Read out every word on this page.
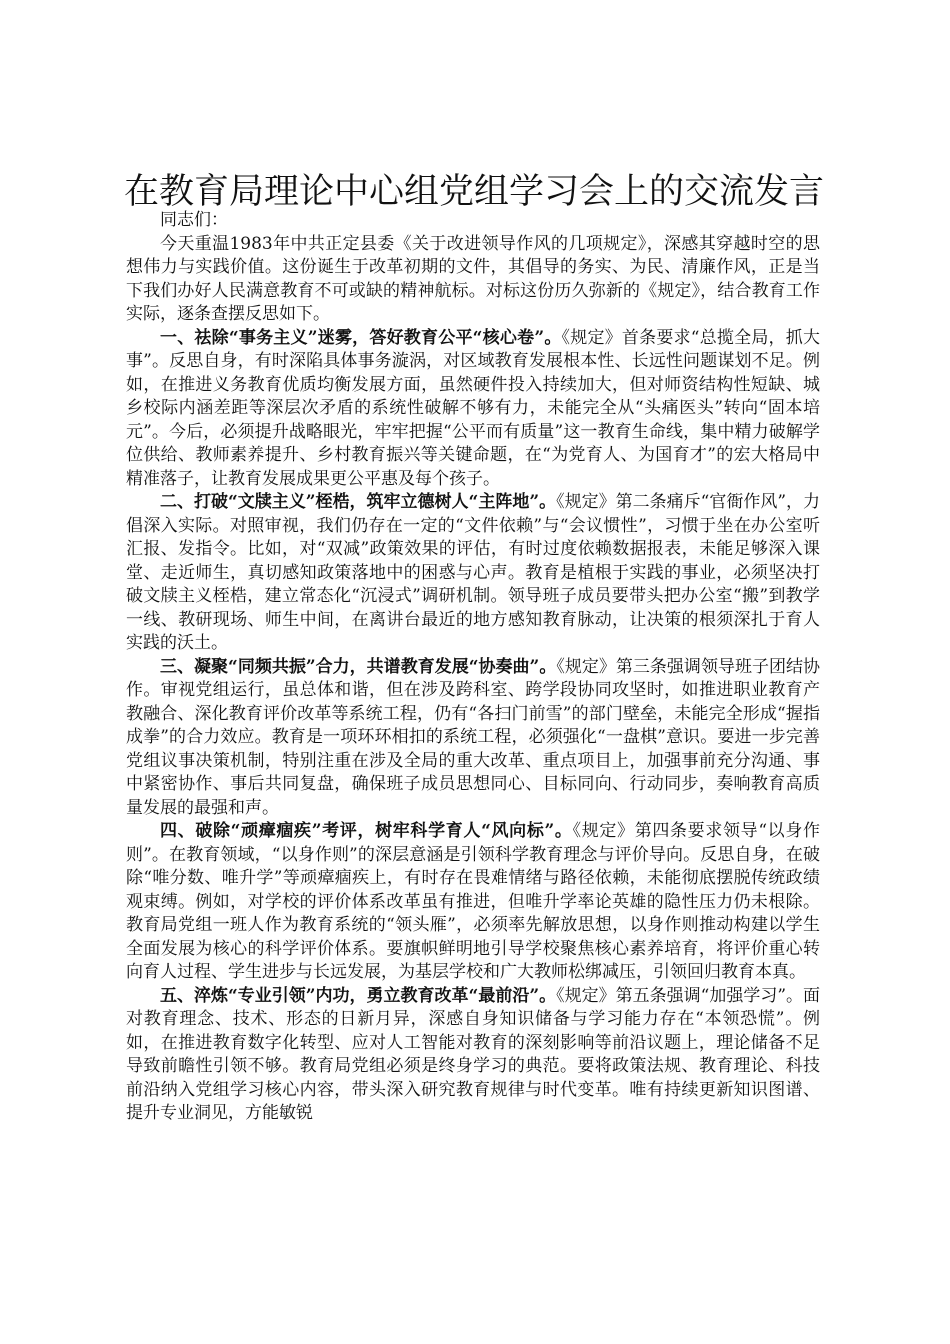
在教育局理论中心组党组学习会上的交流发言

同志们：

今天重温1983年中共正定县委《关于改进领导作风的几项规定》，深感其穿越时空的思想伟力与实践价值。这份诞生于改革初期的文件，其倡导的务实、为民、清廉作风，正是当下我们办好人民满意教育不可或缺的精神航标。对标这份历久弥新的《规定》，结合教育工作实际，逐条查摆反思如下。

一、祛除“事务主义”迷雾，答好教育公平“核心卷”。《规定》首条要求“总揽全局，抓大事”。反思自身，有时深陷具体事务漩涡，对区域教育发展根本性、长远性问题谋划不足。例如，在推进义务教育优质均衡发展方面，虽然硬件投入持续加大，但对师资结构性短缺、城乡校际内涵差距等深层次矛盾的系统性破解不够有力，未能完全从“头痛医头”转向“固本培元”。今后，必须提升战略眼光，牢牢把握“公平而有质量”这一教育生命线，集中精力破解学位供给、教师素养提升、乡村教育振兴等关键命题，在“为党育人、为国育才”的宏大格局中精准落子，让教育发展成果更公平惠及每个孩子。

二、打破“文牍主义”桎梏，筑牢立德树人“主阵地”。《规定》第二条痛斥“官衙作风”，力倡深入实际。对照审视，我们仍存在一定的“文件依赖”与“会议惯性”，习惯于坐在办公室听汇报、发指令。比如，对“双减”政策效果的评估，有时过度依赖数据报表，未能足够深入课堂、走近师生，真切感知政策落地中的困惑与心声。教育是植根于实践的事业，必须坚决打破文牍主义桎梏，建立常态化“沉浸式”调研机制。领导班子成员要带头把办公室“搬”到教学一线、教研现场、师生中间，在离讲台最近的地方感知教育脉动，让决策的根须深扎于育人实践的沃土。

三、凝聚“同频共振”合力，共谱教育发展“协奏曲”。《规定》第三条强调领导班子团结协作。审视党组运行，虽总体和谐，但在涉及跨科室、跨学段协同攻坚时，如推进职业教育产教融合、深化教育评价改革等系统工程，仍有“各扫门前雪”的部门壁垒，未能完全形成“握指成拳”的合力效应。教育是一项环环相扣的系统工程，必须强化“一盘棋”意识。要进一步完善党组议事决策机制，特别注重在涉及全局的重大改革、重点项目上，加强事前充分沟通、事中紧密协作、事后共同复盘，确保班子成员思想同心、目标同向、行动同步，奏响教育高质量发展的最强和声。

四、破除“顽瘴痼疾”考评，树牢科学育人“风向标”。《规定》第四条要求领导“以身作则”。在教育领域，“以身作则”的深层意涵是引领科学教育理念与评价导向。反思自身，在破除“唯分数、唯升学”等顽瘴痼疾上，有时存在畏难情绪与路径依赖，未能彻底摆脱传统政绩观束缚。例如，对学校的评价体系改革虽有推进，但唯升学率论英雄的隐性压力仍未根除。教育局党组一班人作为教育系统的“领头雁”，必须率先解放思想，以身作则推动构建以学生全面发展为核心的科学评价体系。要旗帜鲜明地引导学校聚焦核心素养培育，将评价重心转向育人过程、学生进步与长远发展，为基层学校和广大教师松绑减压，引领回归教育本真。

五、淬炼“专业引领”内功，勇立教育改革“最前沿”。《规定》第五条强调“加强学习”。面对教育理念、技术、形态的日新月异，深感自身知识储备与学习能力存在“本领恐慌”。例如，在推进教育数字化转型、应对人工智能对教育的深刻影响等前沿议题上，理论储备不足导致前瞻性引领不够。教育局党组必须是终身学习的典范。要将政策法规、教育理论、科技前沿纳入党组学习核心内容，带头深入研究教育规律与时代变革。唯有持续更新知识图谱、提升专业洞见，方能敏锐
